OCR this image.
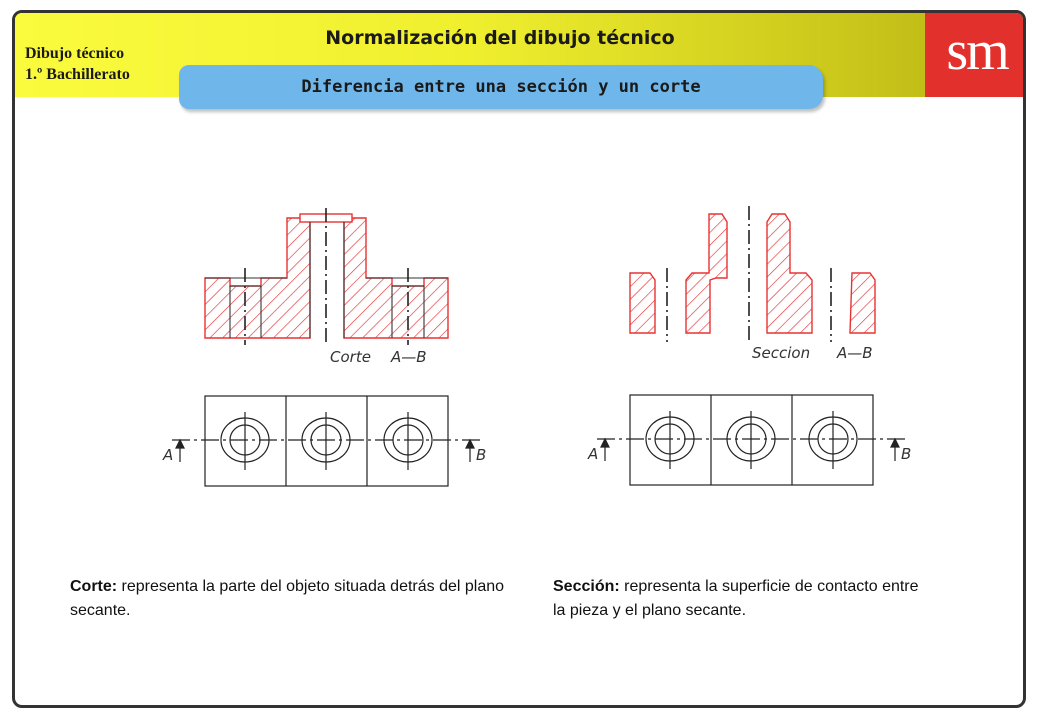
Dibujo técnico
1.º Bachillerato
Normalización del dibujo técnico	sm
Diferencia entre una sección y un corte
Corte A—B
A	B
Seccion A—B
A	B
Corte: representa la parte del objeto situada detrás del plano secante.
Sección: representa la superficie de contacto entre la pieza y el plano secante.
